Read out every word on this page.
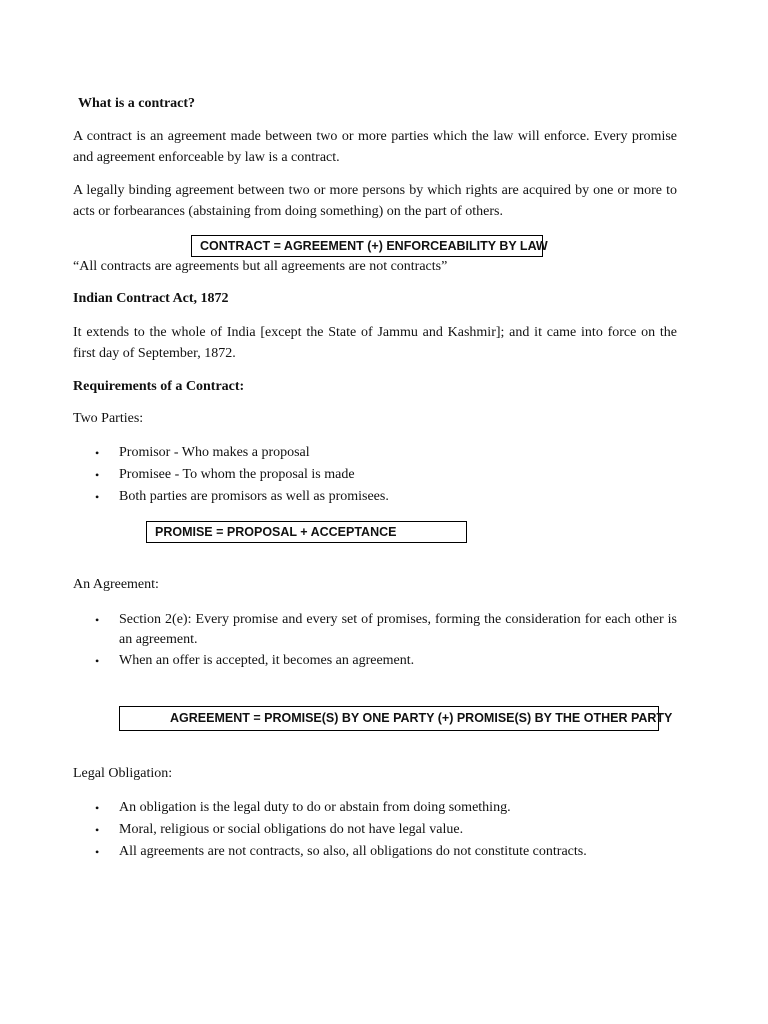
What is a contract?
A contract is an agreement made between two or more parties which the law will enforce. Every promise and agreement enforceable by law is a contract.
A legally binding agreement between two or more persons by which rights are acquired by one or more to acts or forbearances (abstaining from doing something) on the part of others.
CONTRACT = AGREEMENT (+) ENFORCEABILITY BY LAW
“All contracts are agreements but all agreements are not contracts”
Indian Contract Act, 1872
It extends to the whole of India [except the State of Jammu and Kashmir]; and it came into force on the first day of September, 1872.
Requirements of a Contract:
Two Parties:
• Promisor - Who makes a proposal
• Promisee - To whom the proposal is made
• Both parties are promisors as well as promisees.
PROMISE = PROPOSAL + ACCEPTANCE
An Agreement:
• Section 2(e): Every promise and every set of promises, forming the consideration for each other is an agreement.
• When an offer is accepted, it becomes an agreement.
AGREEMENT = PROMISE(S) BY ONE PARTY (+) PROMISE(S) BY THE OTHER PARTY
Legal Obligation:
• An obligation is the legal duty to do or abstain from doing something.
• Moral, religious or social obligations do not have legal value.
• All agreements are not contracts, so also, all obligations do not constitute contracts.
